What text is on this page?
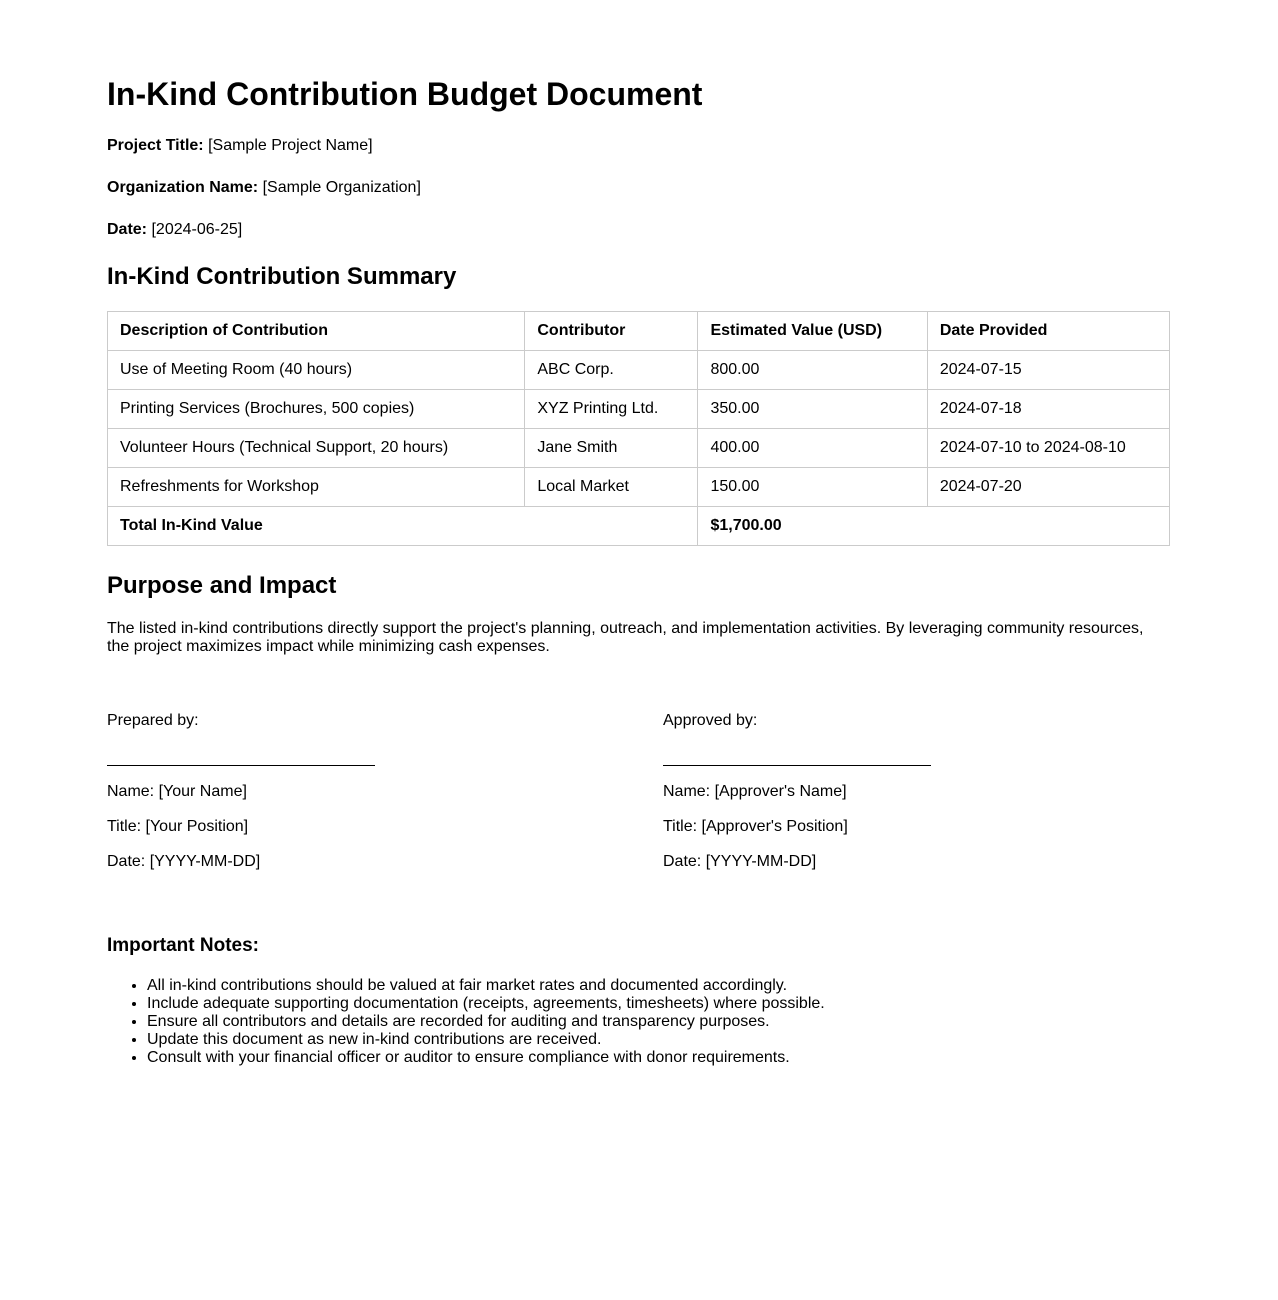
In-Kind Contribution Budget Document

Project Title: [Sample Project Name]

Organization Name: [Sample Organization]

Date: [2024-06-25]

In-Kind Contribution Summary
Description of Contribution	Contributor	Estimated Value (USD)	Date Provided
Use of Meeting Room (40 hours)	ABC Corp.	800.00	2024-07-15
Printing Services (Brochures, 500 copies)	XYZ Printing Ltd.	350.00	2024-07-18
Volunteer Hours (Technical Support, 20 hours)	Jane Smith	400.00	2024-07-10 to 2024-08-10
Refreshments for Workshop	Local Market	150.00	2024-07-20
Total In-Kind Value		$1,700.00	
Purpose and Impact

The listed in-kind contributions directly support the project's planning, outreach, and implementation activities. By leveraging community resources, the project maximizes impact while minimizing cash expenses.

Prepared by:

Name: [Your Name]

Title: [Your Position]

Date: [YYYY-MM-DD]

Approved by:

Name: [Approver's Name]

Title: [Approver's Position]

Date: [YYYY-MM-DD]

Important Notes:
• All in-kind contributions should be valued at fair market rates and documented accordingly.
• Include adequate supporting documentation (receipts, agreements, timesheets) where possible.
• Ensure all contributors and details are recorded for auditing and transparency purposes.
• Update this document as new in-kind contributions are received.
• Consult with your financial officer or auditor to ensure compliance with donor requirements.
